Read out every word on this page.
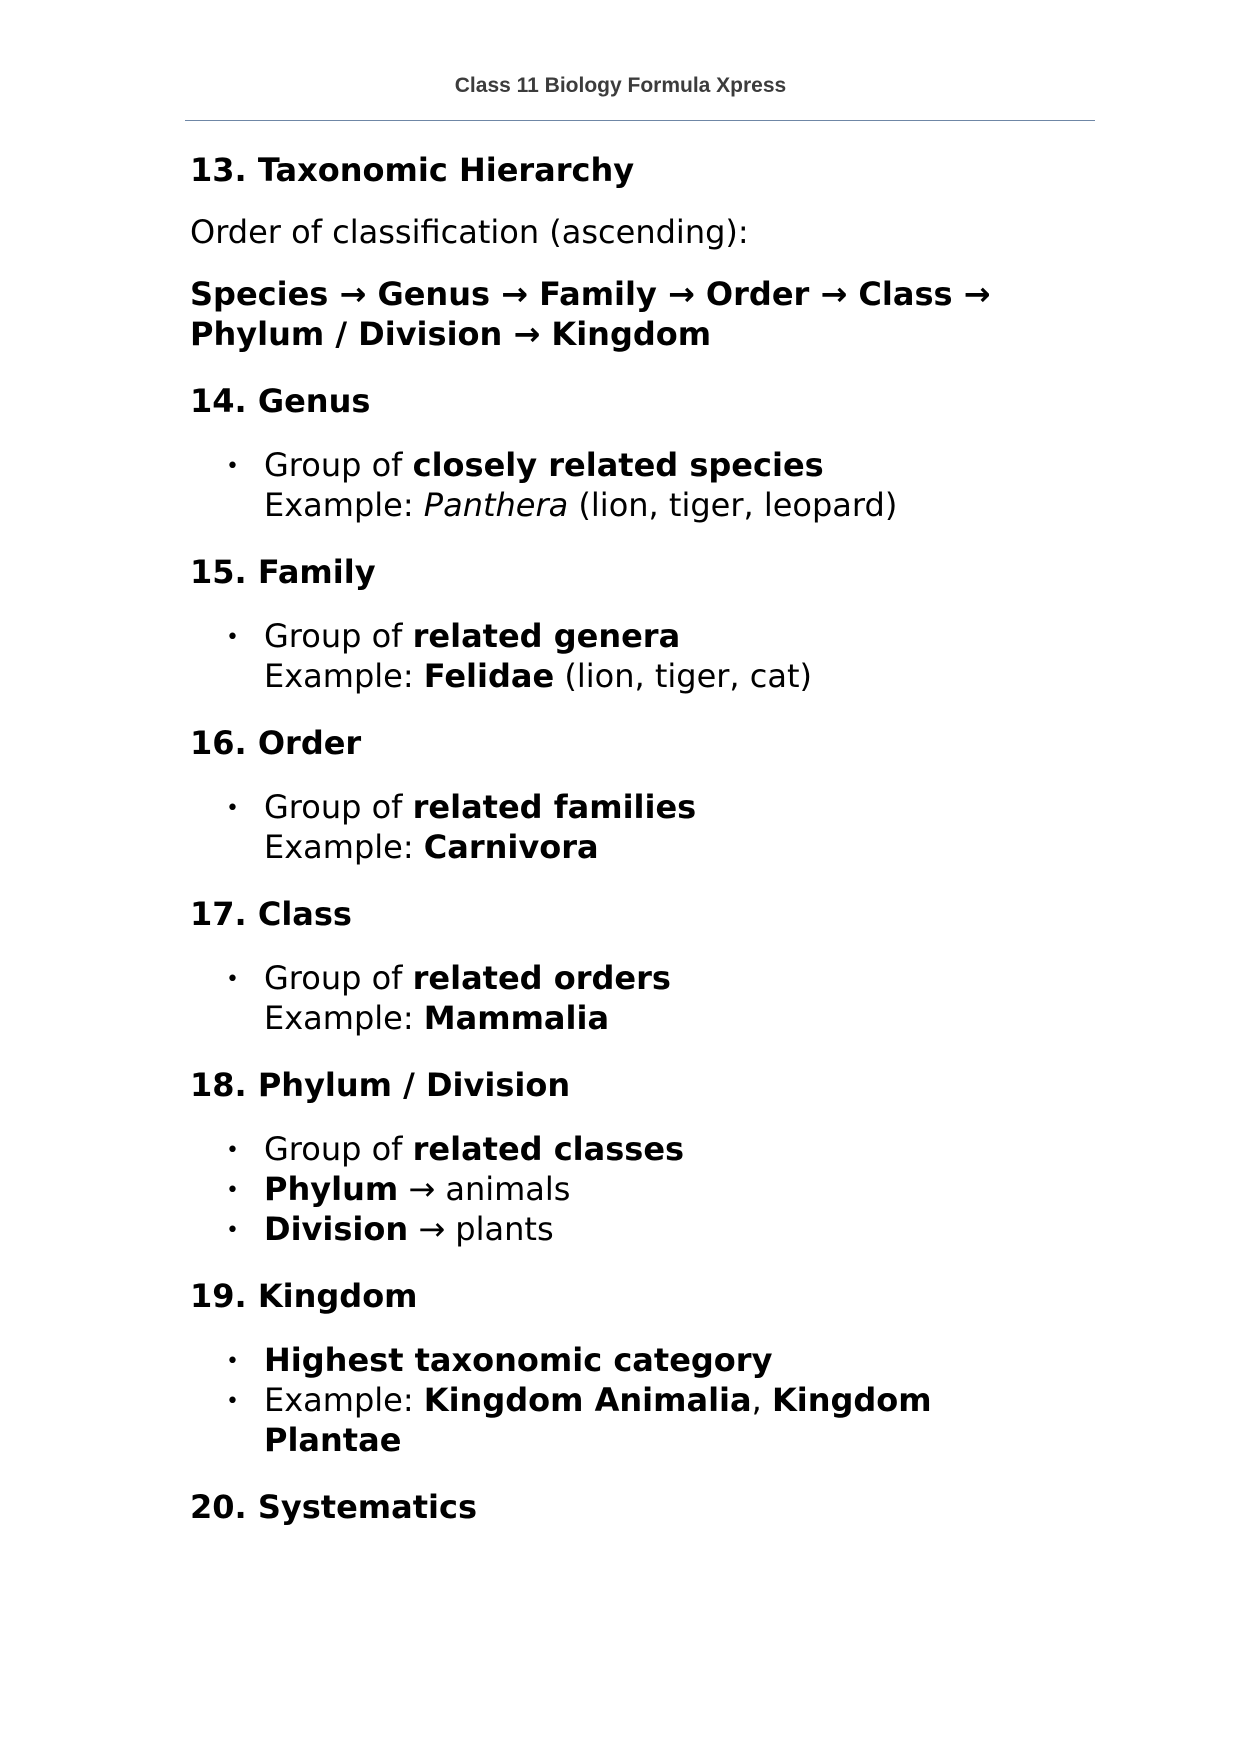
Class 11 Biology Formula Xpress

13. Taxonomic Hierarchy

Order of classification (ascending):

Species → Genus → Family → Order → Class →
Phylum / Division → Kingdom

14. Genus

• Group of closely related species
Example: Panthera (lion, tiger, leopard)

15. Family

• Group of related genera
Example: Felidae (lion, tiger, cat)

16. Order

• Group of related families
Example: Carnivora

17. Class

• Group of related orders
Example: Mammalia

18. Phylum / Division

• Group of related classes
• Phylum → animals
• Division → plants

19. Kingdom

• Highest taxonomic category
• Example: Kingdom Animalia, Kingdom
Plantae

20. Systematics
